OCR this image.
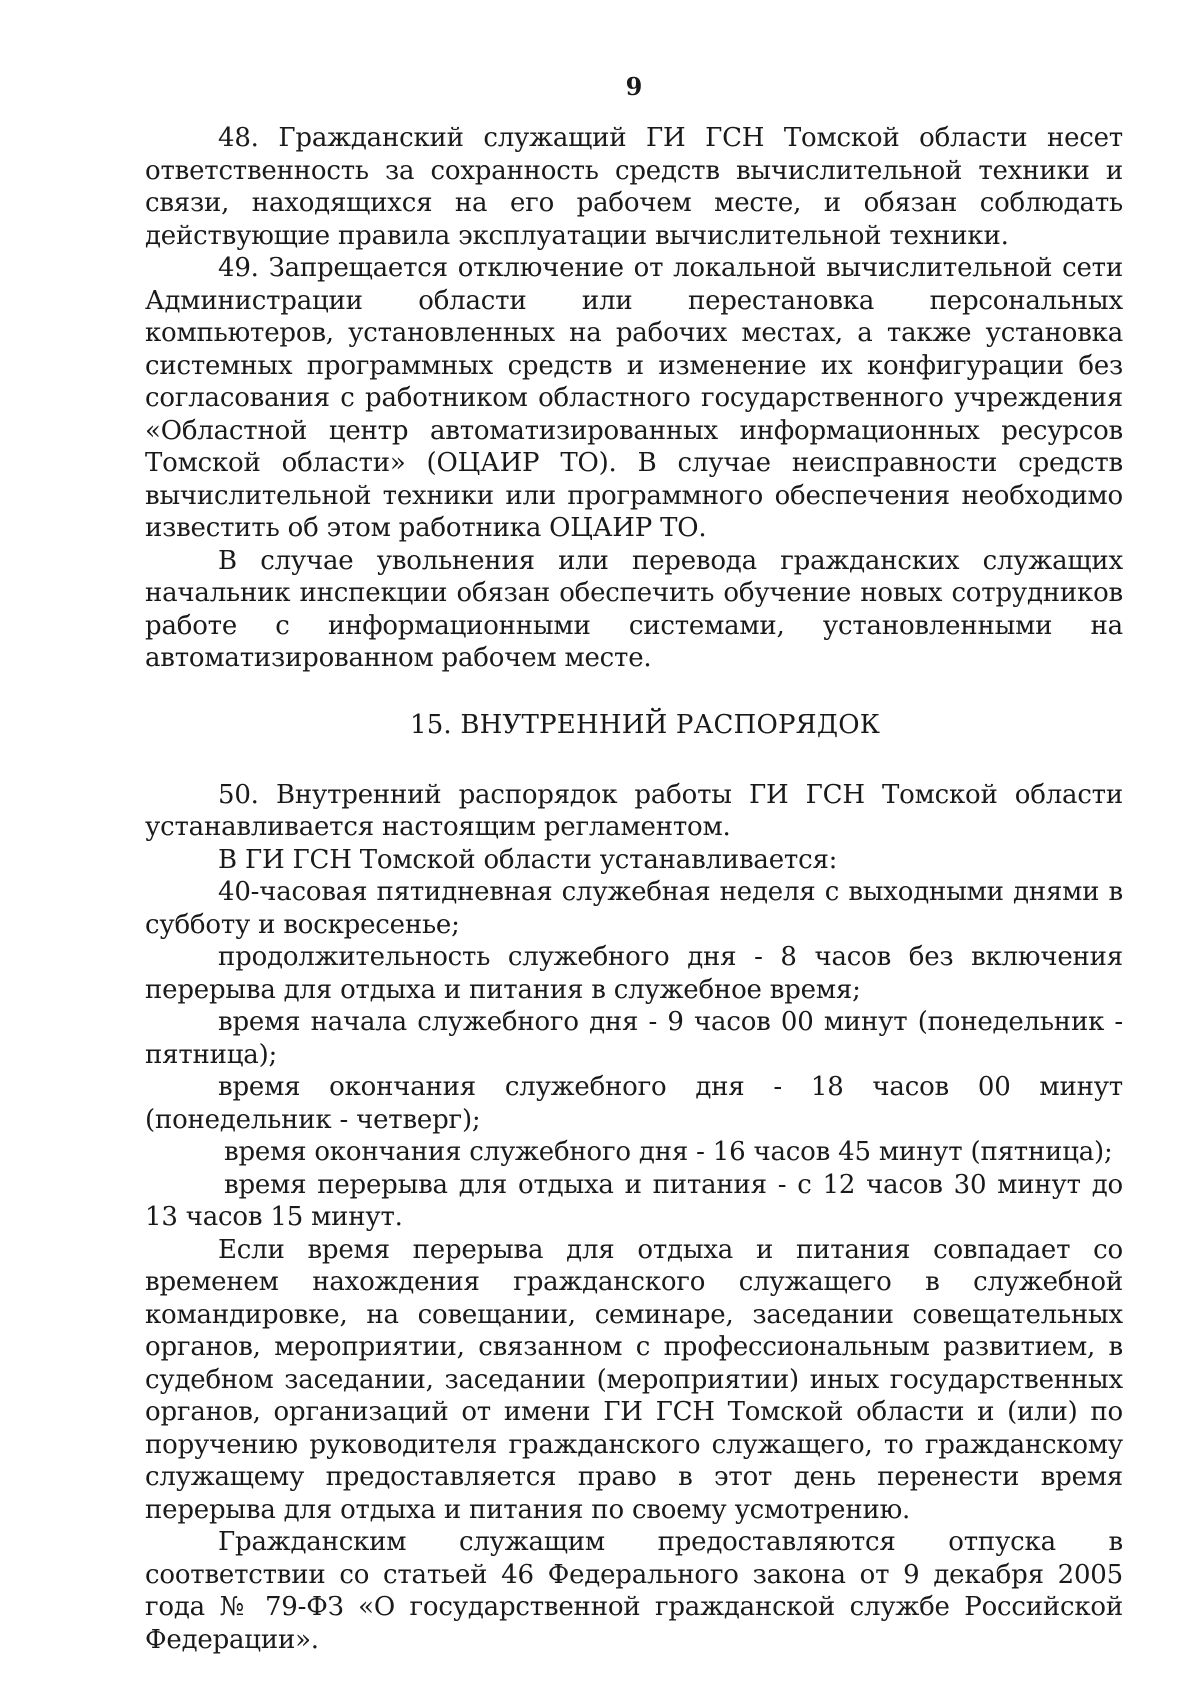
9

48. Гражданский служащий ГИ ГСН Томской области несет ответственность за сохранность средств вычислительной техники и связи, находящихся на его рабочем месте, и обязан соблюдать действующие правила эксплуатации вычислительной техники.

49. Запрещается отключение от локальной вычислительной сети Администрации области или перестановка персональных компьютеров, установленных на рабочих местах, а также установка системных программных средств и изменение их конфигурации без согласования с работником областного государственного учреждения «Областной центр автоматизированных информационных ресурсов Томской области» (ОЦАИР ТО). В случае неисправности средств вычислительной техники или программного обеспечения необходимо известить об этом работника ОЦАИР ТО.

В случае увольнения или перевода гражданских служащих начальник инспекции обязан обеспечить обучение новых сотрудников работе с информационными системами, установленными на автоматизированном рабочем месте.

15. ВНУТРЕННИЙ РАСПОРЯДОК

50. Внутренний распорядок работы ГИ ГСН Томской области устанавливается настоящим регламентом.

В ГИ ГСН Томской области устанавливается:

40-часовая пятидневная служебная неделя с выходными днями в субботу и воскресенье;

продолжительность служебного дня - 8 часов без включения перерыва для отдыха и питания в служебное время;

время начала служебного дня - 9 часов 00 минут (понедельник - пятница);

время окончания служебного дня - 18 часов 00 минут (понедельник - четверг);

время окончания служебного дня - 16 часов 45 минут (пятница);

время перерыва для отдыха и питания - с 12 часов 30 минут до 13 часов 15 минут.

Если время перерыва для отдыха и питания совпадает со временем нахождения гражданского служащего в служебной командировке, на совещании, семинаре, заседании совещательных органов, мероприятии, связанном с профессиональным развитием, в судебном заседании, заседании (мероприятии) иных государственных органов, организаций от имени ГИ ГСН Томской области и (или) по поручению руководителя гражданского служащего, то гражданскому служащему предоставляется право в этот день перенести время перерыва для отдыха и питания по своему усмотрению.

Гражданским служащим предоставляются отпуска в соответствии со статьей 46 Федерального закона от 9 декабря 2005 года № 79-ФЗ «О государственной гражданской службе Российской Федерации».
